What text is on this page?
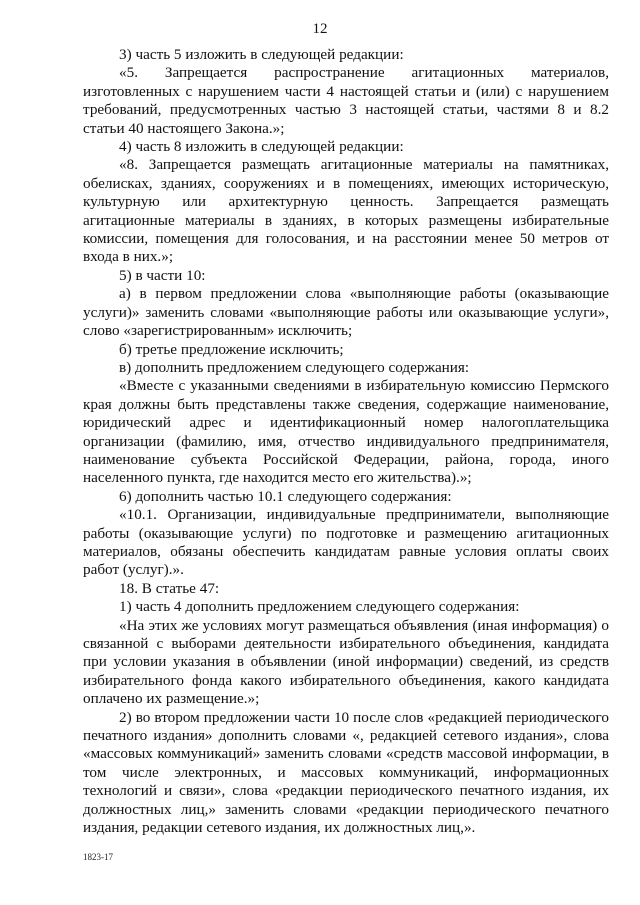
12

3) часть 5 изложить в следующей редакции:

«5. Запрещается распространение агитационных материалов, изготовленных с нарушением части 4 настоящей статьи и (или) с нарушением требований, предусмотренных частью 3 настоящей статьи, частями 8 и 8.2 статьи 40 настоящего Закона.»;

4) часть 8 изложить в следующей редакции:

«8. Запрещается размещать агитационные материалы на памятниках, обелисках, зданиях, сооружениях и в помещениях, имеющих историческую, культурную или архитектурную ценность. Запрещается размещать агитационные материалы в зданиях, в которых размещены избирательные комиссии, помещения для голосования, и на расстоянии менее 50 метров от входа в них.»;

5) в части 10:

а) в первом предложении слова «выполняющие работы (оказывающие услуги)» заменить словами «выполняющие работы или оказывающие услуги», слово «зарегистрированным» исключить;

б) третье предложение исключить;

в) дополнить предложением следующего содержания:

«Вместе с указанными сведениями в избирательную комиссию Пермского края должны быть представлены также сведения, содержащие наименование, юридический адрес и идентификационный номер налогоплательщика организации (фамилию, имя, отчество индивидуального предпринимателя, наименование субъекта Российской Федерации, района, города, иного населенного пункта, где находится место его жительства).»;

6) дополнить частью 10.1 следующего содержания:

«10.1. Организации, индивидуальные предприниматели, выполняющие работы (оказывающие услуги) по подготовке и размещению агитационных материалов, обязаны обеспечить кандидатам равные условия оплаты своих работ (услуг).».

18. В статье 47:

1) часть 4 дополнить предложением следующего содержания:

«На этих же условиях могут размещаться объявления (иная информация) о связанной с выборами деятельности избирательного объединения, кандидата при условии указания в объявлении (иной информации) сведений, из средств избирательного фонда какого избирательного объединения, какого кандидата оплачено их размещение.»;

2) во втором предложении части 10 после слов «редакцией периодического печатного издания» дополнить словами «, редакцией сетевого издания», слова «массовых коммуникаций» заменить словами «средств массовой информации, в том числе электронных, и массовых коммуникаций, информационных технологий и связи», слова «редакции периодического печатного издания, их должностных лиц,» заменить словами «редакции периодического печатного издания, редакции сетевого издания, их должностных лиц,».

1823-17
